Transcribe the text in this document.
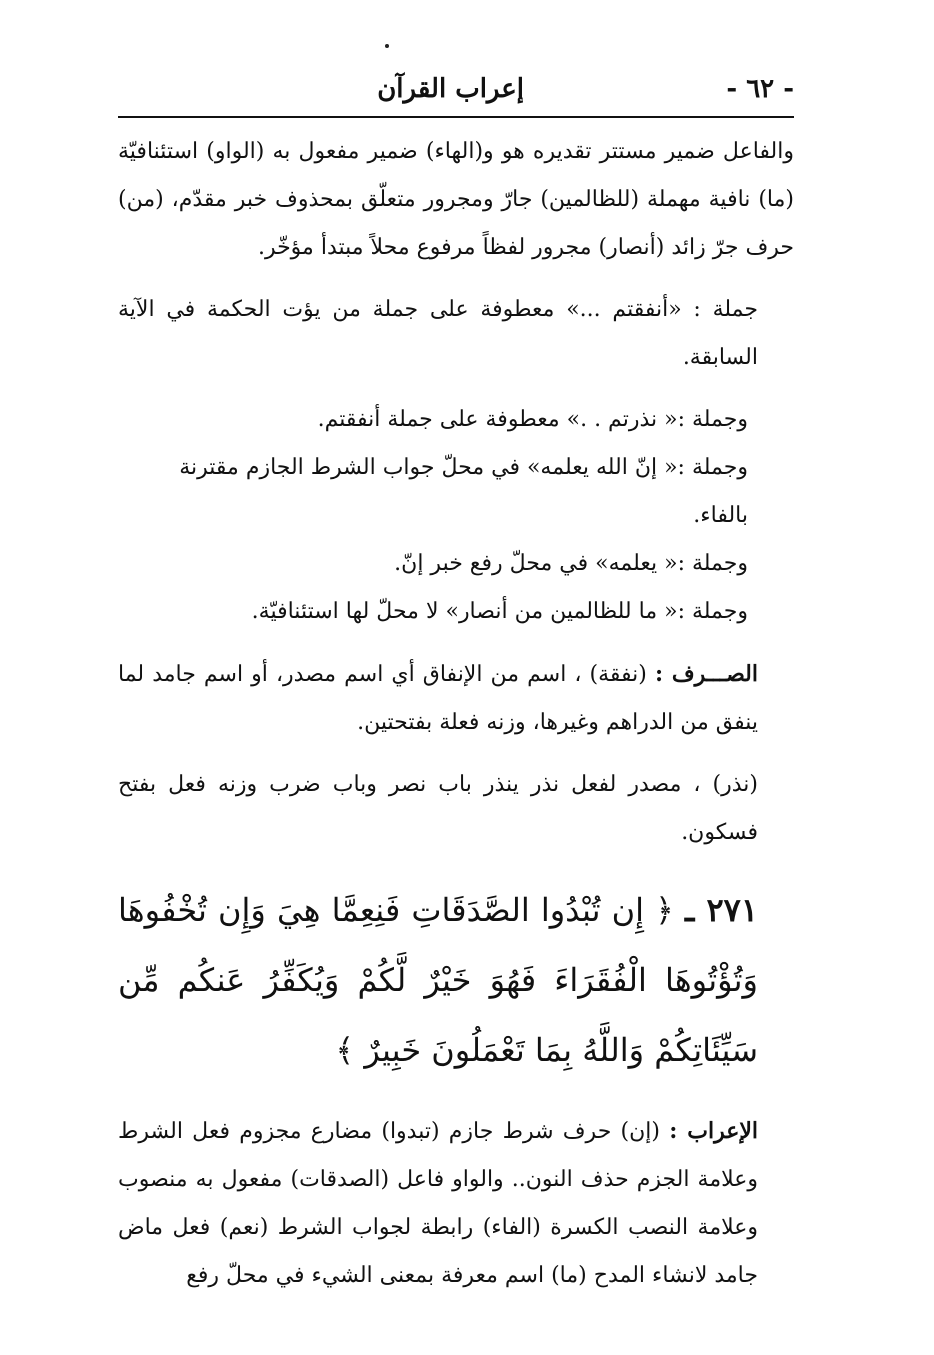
- ٦٢ -
إعراب القرآن

والفاعل ضمير مستتر تقديره هو و(الهاء) ضمير مفعول به (الواو) استئنافيّة (ما) نافية مهملة (للظالمين) جارّ ومجرور متعلّق بمحذوف خبر مقدّم، (من) حرف جرّ زائد (أنصار) مجرور لفظاً مرفوع محلاً مبتدأ مؤخّر.

جملة : «أنفقتم ...» معطوفة على جملة من يؤت الحكمة في الآية السابقة.

وجملة :« نذرتم . .» معطوفة على جملة أنفقتم.

وجملة :« إنّ الله يعلمه» في محلّ جواب الشرط الجازم مقترنة بالفاء.

وجملة :« يعلمه» في محلّ رفع خبر إنّ.

وجملة :« ما للظالمين من أنصار» لا محلّ لها استئنافيّة.

الصـــرف : (نفقة) ، اسم من الإنفاق أي اسم مصدر، أو اسم جامد لما ينفق من الدراهم وغيرها، وزنه فعلة بفتحتين.

(نذر) ، مصدر لفعل نذر ينذر باب نصر وباب ضرب وزنه فعل بفتح فسكون.

٢٧١ ـ ﴿ إِن تُبْدُوا الصَّدَقَاتِ فَنِعِمَّا هِيَ وَإِن تُخْفُوهَا وَتُؤْتُوهَا الْفُقَرَاءَ فَهُوَ خَيْرٌ لَّكُمْ وَيُكَفِّرُ عَنكُم مِّن سَيِّئَاتِكُمْ وَاللَّهُ بِمَا تَعْمَلُونَ خَبِيرٌ ﴾

الإعراب : (إن) حرف شرط جازم (تبدوا) مضارع مجزوم فعل الشرط وعلامة الجزم حذف النون.. والواو فاعل (الصدقات) مفعول به منصوب وعلامة النصب الكسرة (الفاء) رابطة لجواب الشرط (نعم) فعل ماض جامد لانشاء المدح (ما) اسم معرفة بمعنى الشيء في محلّ رفع
